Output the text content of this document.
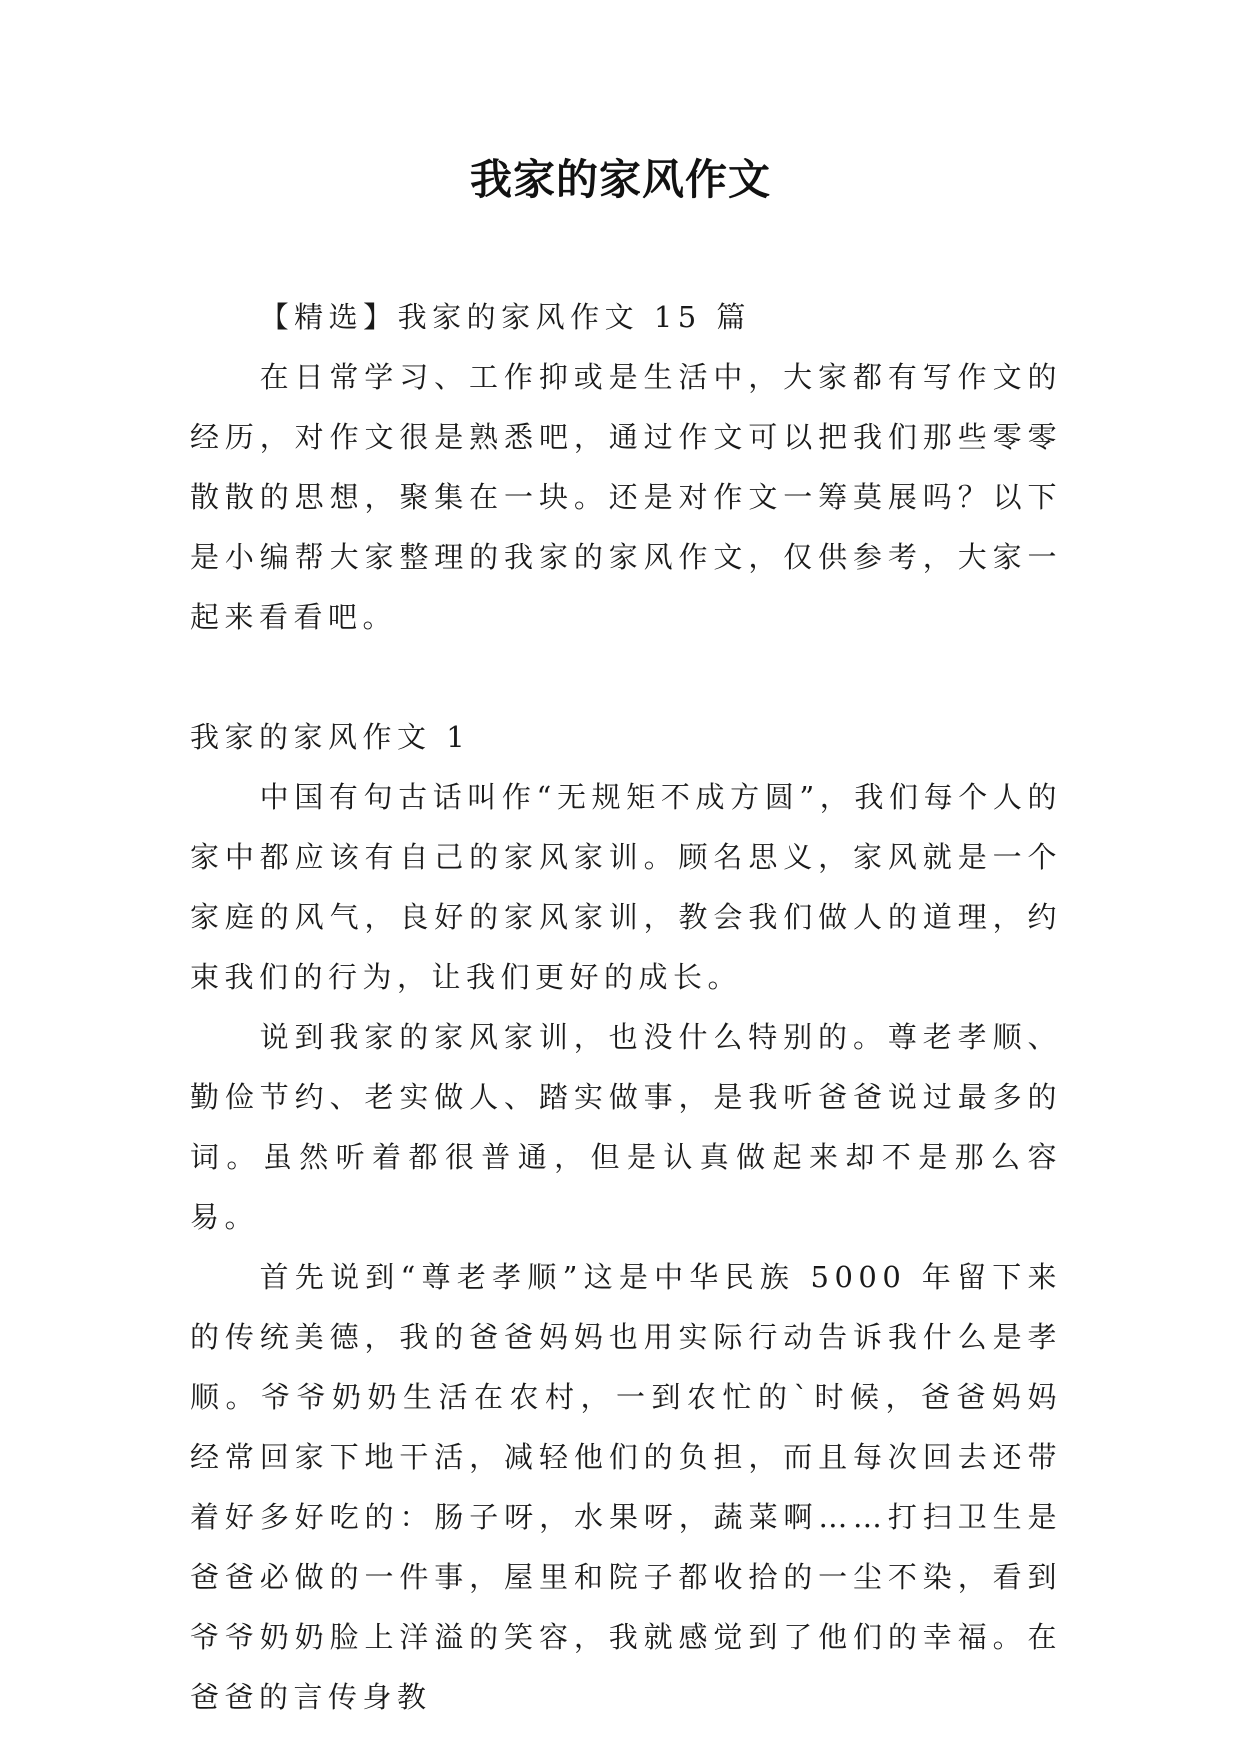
我家的家风作文

【精选】我家的家风作文 15 篇

在日常学习、工作抑或是生活中，大家都有写作文的经历，对作文很是熟悉吧，通过作文可以把我们那些零零散散的思想，聚集在一块。还是对作文一筹莫展吗？以下是小编帮大家整理的我家的家风作文，仅供参考，大家一起来看看吧。

我家的家风作文 1

中国有句古话叫作“无规矩不成方圆”，我们每个人的家中都应该有自己的家风家训。顾名思义，家风就是一个家庭的风气，良好的家风家训，教会我们做人的道理，约束我们的行为，让我们更好的成长。

说到我家的家风家训，也没什么特别的。尊老孝顺、勤俭节约、老实做人、踏实做事，是我听爸爸说过最多的词。虽然听着都很普通，但是认真做起来却不是那么容易。

首先说到“尊老孝顺”这是中华民族 5000 年留下来的传统美德，我的爸爸妈妈也用实际行动告诉我什么是孝顺。爷爷奶奶生活在农村，一到农忙的`时候，爸爸妈妈经常回家下地干活，减轻他们的负担，而且每次回去还带着好多好吃的：肠子呀，水果呀，蔬菜啊……打扫卫生是爸爸必做的一件事，屋里和院子都收拾的一尘不染，看到爷爷奶奶脸上洋溢的笑容，我就感觉到了他们的幸福。在爸爸的言传身教
